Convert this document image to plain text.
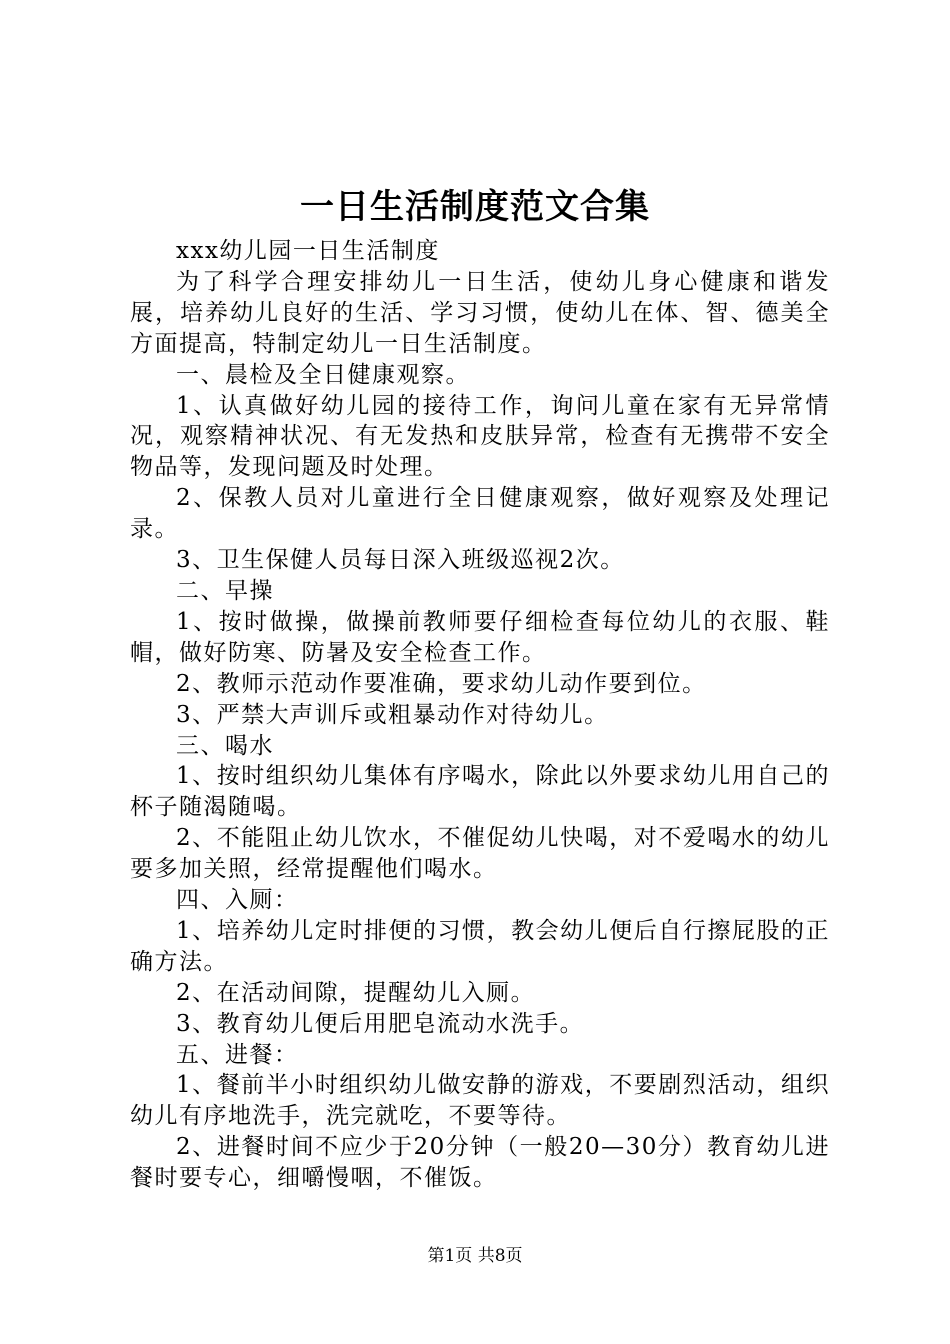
一日生活制度范文合集

xxx幼儿园一日生活制度

为了科学合理安排幼儿一日生活，使幼儿身心健康和谐发展，培养幼儿良好的生活、学习习惯，使幼儿在体、智、德美全方面提高，特制定幼儿一日生活制度。

一、晨检及全日健康观察。

1、认真做好幼儿园的接待工作，询问儿童在家有无异常情况，观察精神状况、有无发热和皮肤异常，检查有无携带不安全物品等，发现问题及时处理。

2、保教人员对儿童进行全日健康观察，做好观察及处理记录。

3、卫生保健人员每日深入班级巡视2次。

二、早操

1、按时做操，做操前教师要仔细检查每位幼儿的衣服、鞋帽，做好防寒、防暑及安全检查工作。

2、教师示范动作要准确，要求幼儿动作要到位。

3、严禁大声训斥或粗暴动作对待幼儿。

三、喝水

1、按时组织幼儿集体有序喝水，除此以外要求幼儿用自己的杯子随渴随喝。

2、不能阻止幼儿饮水，不催促幼儿快喝，对不爱喝水的幼儿要多加关照，经常提醒他们喝水。

四、入厕：

1、培养幼儿定时排便的习惯，教会幼儿便后自行擦屁股的正确方法。

2、在活动间隙，提醒幼儿入厕。

3、教育幼儿便后用肥皂流动水洗手。

五、进餐：

1、餐前半小时组织幼儿做安静的游戏，不要剧烈活动，组织幼儿有序地洗手，洗完就吃，不要等待。

2、进餐时间不应少于20分钟（一般20—30分）教育幼儿进餐时要专心，细嚼慢咽，不催饭。

第1页 共8页
